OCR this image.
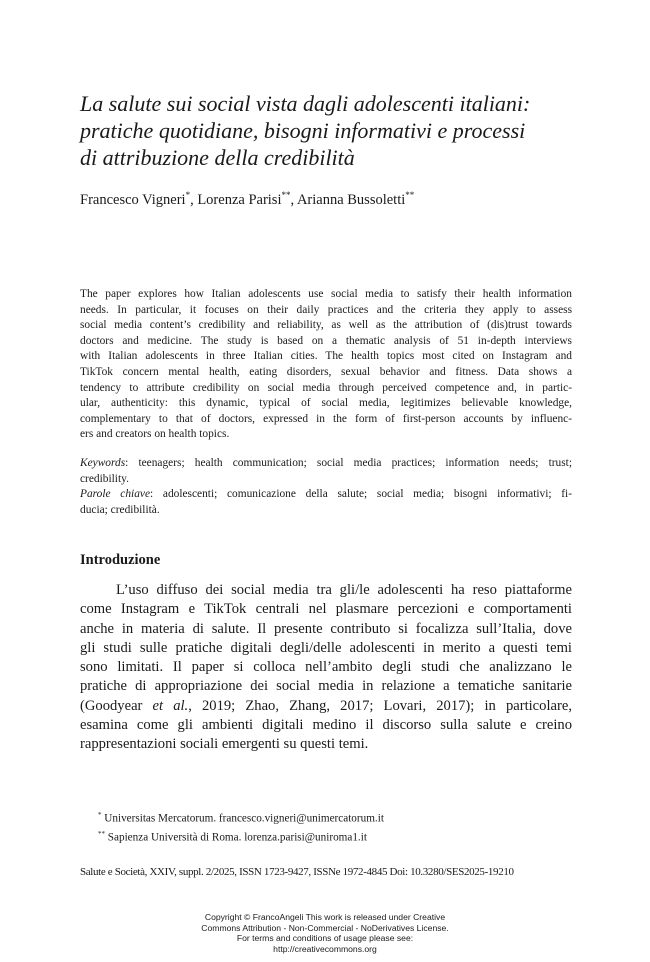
La salute sui social vista dagli adolescenti italiani:
pratiche quotidiane, bisogni informativi e processi
di attribuzione della credibilità
Francesco Vigneri*, Lorenza Parisi**, Arianna Bussoletti**
The paper explores how Italian adolescents use social media to satisfy their health information
needs. In particular, it focuses on their daily practices and the criteria they apply to assess
social media content’s credibility and reliability, as well as the attribution of (dis)trust towards
doctors and medicine. The study is based on a thematic analysis of 51 in-depth interviews
with Italian adolescents in three Italian cities. The health topics most cited on Instagram and
TikTok concern mental health, eating disorders, sexual behavior and fitness. Data shows a
tendency to attribute credibility on social media through perceived competence and, in partic-
ular, authenticity: this dynamic, typical of social media, legitimizes believable knowledge,
complementary to that of doctors, expressed in the form of first-person accounts by influenc-
ers and creators on health topics.
Keywords: teenagers; health communication; social media practices; information needs; trust;
credibility.
Parole chiave: adolescenti; comunicazione della salute; social media; bisogni informativi; fi-
ducia; credibilità.
Introduzione
L’uso diffuso dei social media tra gli/le adolescenti ha reso piattaforme
come Instagram e TikTok centrali nel plasmare percezioni e comportamenti
anche in materia di salute. Il presente contributo si focalizza sull’Italia, dove
gli studi sulle pratiche digitali degli/delle adolescenti in merito a questi temi
sono limitati. Il paper si colloca nell’ambito degli studi che analizzano le
pratiche di appropriazione dei social media in relazione a tematiche sanitarie
(Goodyear et al., 2019; Zhao, Zhang, 2017; Lovari, 2017); in particolare,
esamina come gli ambienti digitali medino il discorso sulla salute e creino
rappresentazioni sociali emergenti su questi temi.
* Universitas Mercatorum. francesco.vigneri@unimercatorum.it
** Sapienza Università di Roma. lorenza.parisi@uniroma1.it
Salute e Società, XXIV, suppl. 2/2025, ISSN 1723-9427, ISSNe 1972-4845 Doi: 10.3280/SES2025-19210
Copyright © FrancoAngeli This work is released under Creative
Commons Attribution - Non-Commercial - NoDerivatives License.
For terms and conditions of usage please see:
http://creativecommons.org
